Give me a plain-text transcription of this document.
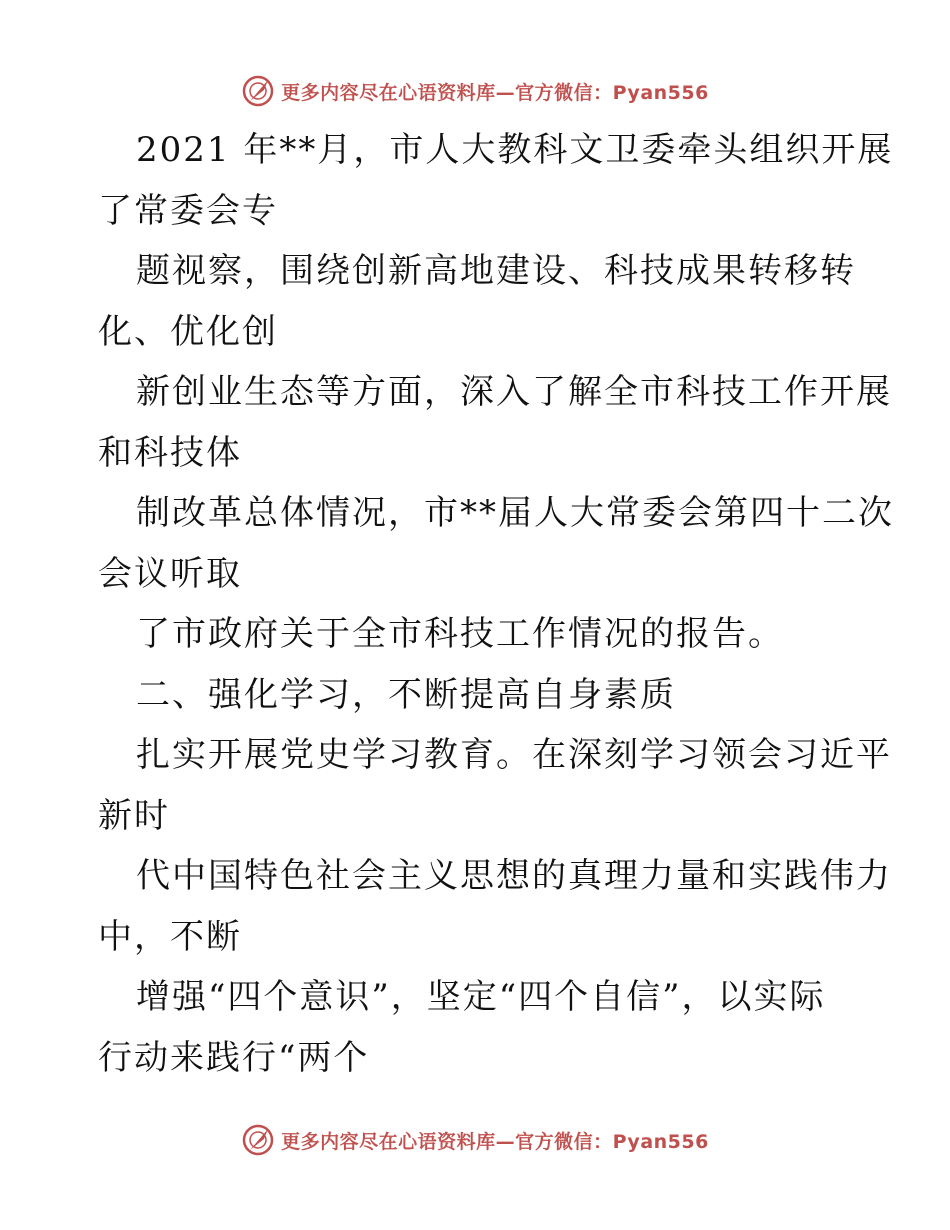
更多内容尽在心语资料库—官方微信：Pyan556
2021 年**月，市人大教科文卫委牵头组织开展
了常委会专
题视察，围绕创新高地建设、科技成果转移转
化、优化创
新创业生态等方面，深入了解全市科技工作开展
和科技体
制改革总体情况，市**届人大常委会第四十二次
会议听取
了市政府关于全市科技工作情况的报告。
二、强化学习，不断提高自身素质
扎实开展党史学习教育。在深刻学习领会习近平
新时
代中国特色社会主义思想的真理力量和实践伟力
中，不断
增强“四个意识”，坚定“四个自信”，以实际
行动来践行“两个
更多内容尽在心语资料库—官方微信：Pyan556
